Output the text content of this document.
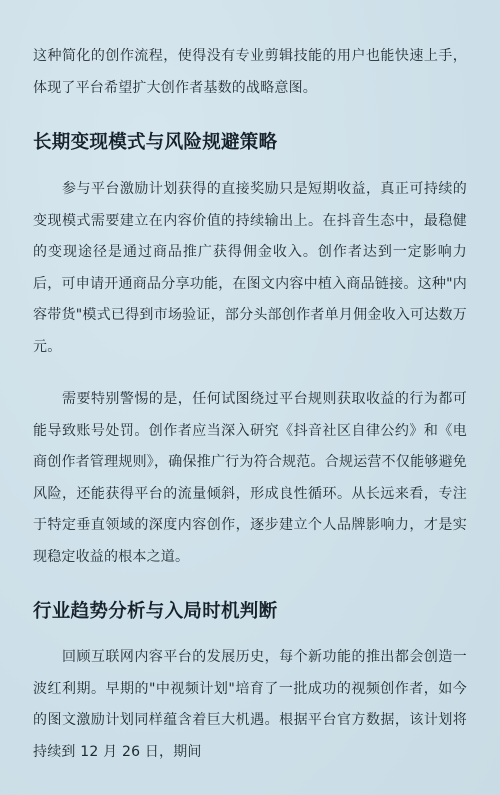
这种简化的创作流程，使得没有专业剪辑技能的用户也能快速上手，体现了平台希望扩大创作者基数的战略意图。

长期变现模式与风险规避策略

参与平台激励计划获得的直接奖励只是短期收益，真正可持续的变现模式需要建立在内容价值的持续输出上。在抖音生态中，最稳健的变现途径是通过商品推广获得佣金收入。创作者达到一定影响力后，可申请开通商品分享功能，在图文内容中植入商品链接。这种"内容带货"模式已得到市场验证，部分头部创作者单月佣金收入可达数万元。

需要特别警惕的是，任何试图绕过平台规则获取收益的行为都可能导致账号处罚。创作者应当深入研究《抖音社区自律公约》和《电商创作者管理规则》，确保推广行为符合规范。合规运营不仅能够避免风险，还能获得平台的流量倾斜，形成良性循环。从长远来看，专注于特定垂直领域的深度内容创作，逐步建立个人品牌影响力，才是实现稳定收益的根本之道。

行业趋势分析与入局时机判断

回顾互联网内容平台的发展历史，每个新功能的推出都会创造一波红利期。早期的"中视频计划"培育了一批成功的视频创作者，如今的图文激励计划同样蕴含着巨大机遇。根据平台官方数据，该计划将持续到 12 月 26 日，期间
